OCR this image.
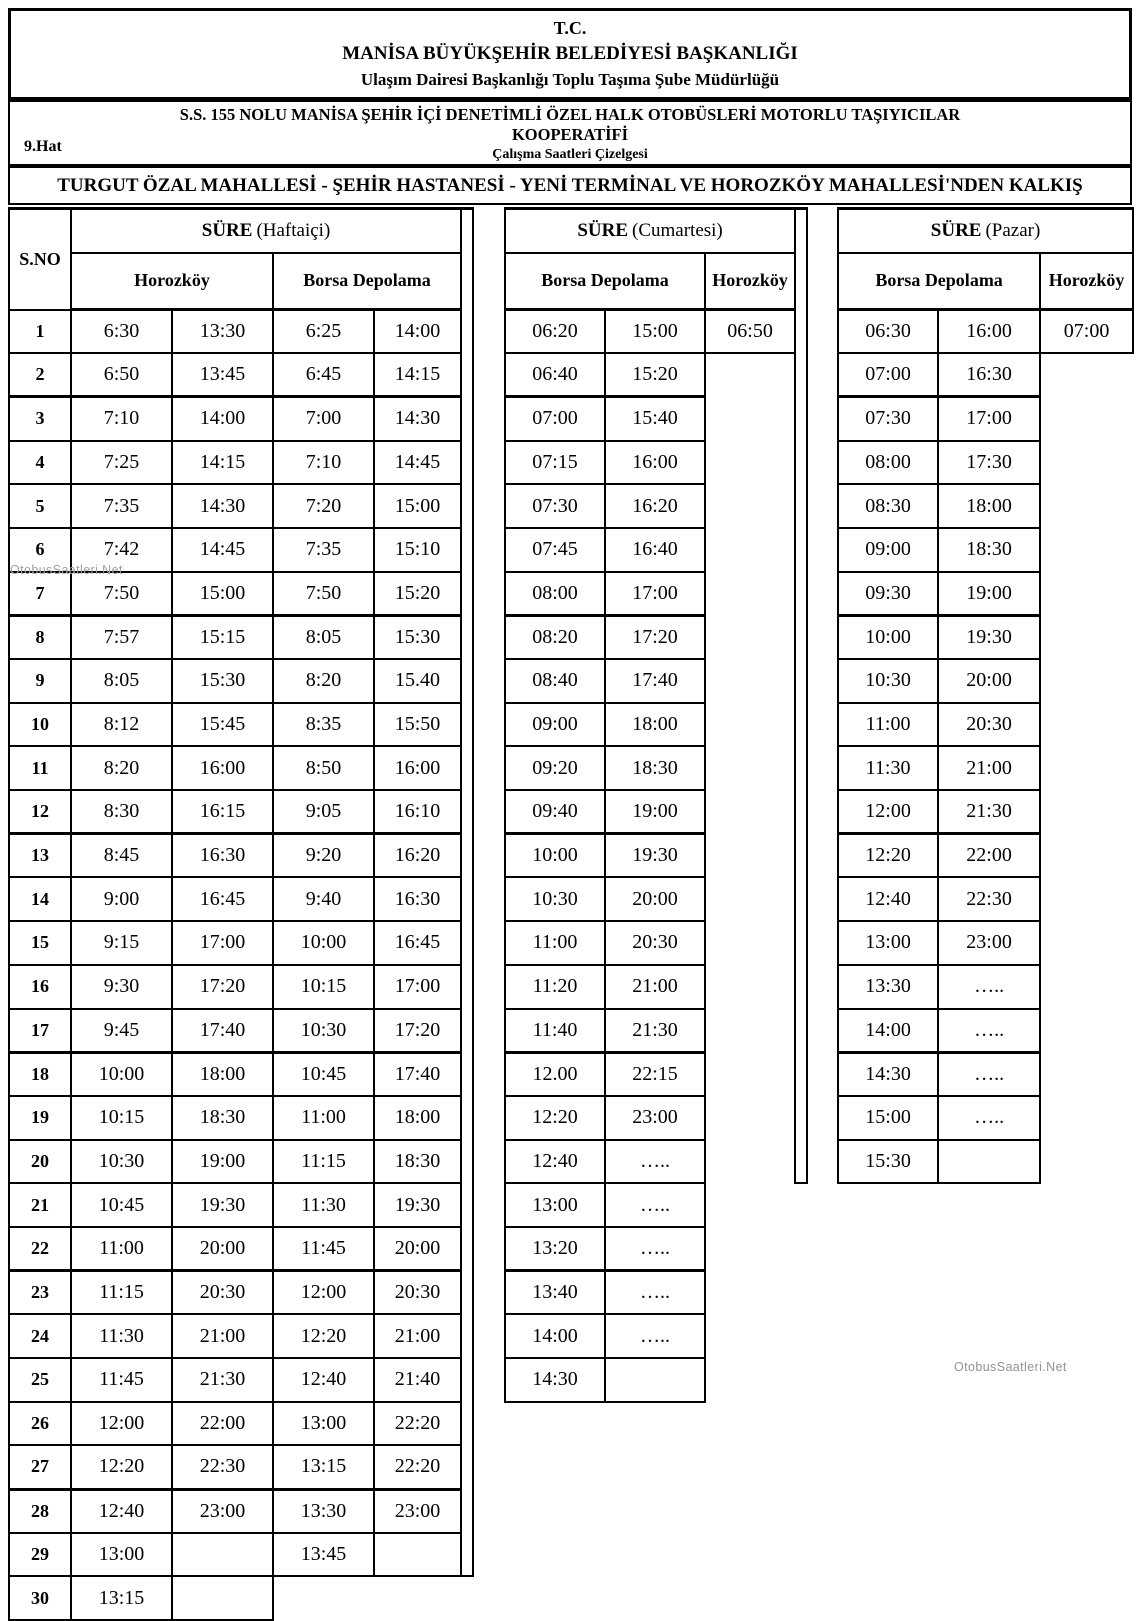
T.C.
MANİSA BÜYÜKŞEHİR BELEDİYESİ BAŞKANLIĞI
Ulaşım Dairesi Başkanlığı Toplu Taşıma Şube Müdürlüğü
S.S. 155 NOLU MANİSA ŞEHİR İÇİ DENETİMLİ ÖZEL HALK OTOBÜSLERİ MOTORLU TAŞIYICILAR
KOOPERATİFİ
Çalışma Saatleri Çizelgesi
9.Hat
TURGUT ÖZAL MAHALLESİ - ŞEHİR HASTANESİ - YENİ TERMİNAL VE HOROZKÖY MAHALLESİ'NDEN KALKIŞ
S.NO	SÜRE (Haftaiçi)						SÜRE (Cumartesi)					SÜRE (Pazar)		
	Horozköy		Borsa Depolama				Borsa Depolama		Horozköy			Borsa Depolama		Horozköy
1	6:30	13:30	6:25	14:00			06:20	15:00	06:50			06:30	16:00	07:00
2	6:50	13:45	6:45	14:15			06:40	15:20				07:00	16:30	
3	7:10	14:00	7:00	14:30			07:00	15:40				07:30	17:00	
4	7:25	14:15	7:10	14:45			07:15	16:00				08:00	17:30	
5	7:35	14:30	7:20	15:00			07:30	16:20				08:30	18:00	
6	7:42	14:45	7:35	15:10			07:45	16:40				09:00	18:30	
7	7:50	15:00	7:50	15:20			08:00	17:00				09:30	19:00	
8	7:57	15:15	8:05	15:30			08:20	17:20				10:00	19:30	
9	8:05	15:30	8:20	15.40			08:40	17:40				10:30	20:00	
10	8:12	15:45	8:35	15:50			09:00	18:00				11:00	20:30	
11	8:20	16:00	8:50	16:00			09:20	18:30				11:30	21:00	
12	8:30	16:15	9:05	16:10			09:40	19:00				12:00	21:30	
13	8:45	16:30	9:20	16:20			10:00	19:30				12:20	22:00	
14	9:00	16:45	9:40	16:30			10:30	20:00				12:40	22:30	
15	9:15	17:00	10:00	16:45			11:00	20:30				13:00	23:00	
16	9:30	17:20	10:15	17:00			11:20	21:00				13:30	…..	
17	9:45	17:40	10:30	17:20			11:40	21:30				14:00	…..	
18	10:00	18:00	10:45	17:40			12.00	22:15				14:30	…..	
19	10:15	18:30	11:00	18:00			12:20	23:00				15:00	…..	
20	10:30	19:00	11:15	18:30			12:40	…..				15:30		
21	10:45	19:30	11:30	19:30			13:00	…..						
22	11:00	20:00	11:45	20:00			13:20	…..						
23	11:15	20:30	12:00	20:30			13:40	…..						
24	11:30	21:00	12:20	21:00			14:00	…..						
25	11:45	21:30	12:40	21:40			14:30							
26	12:00	22:00	13:00	22:20										
27	12:20	22:30	13:15	22:20										
28	12:40	23:00	13:30	23:00										
29	13:00		13:45											
30	13:15													
OtobusSaatleri.Net
OtobusSaatleri.Net
